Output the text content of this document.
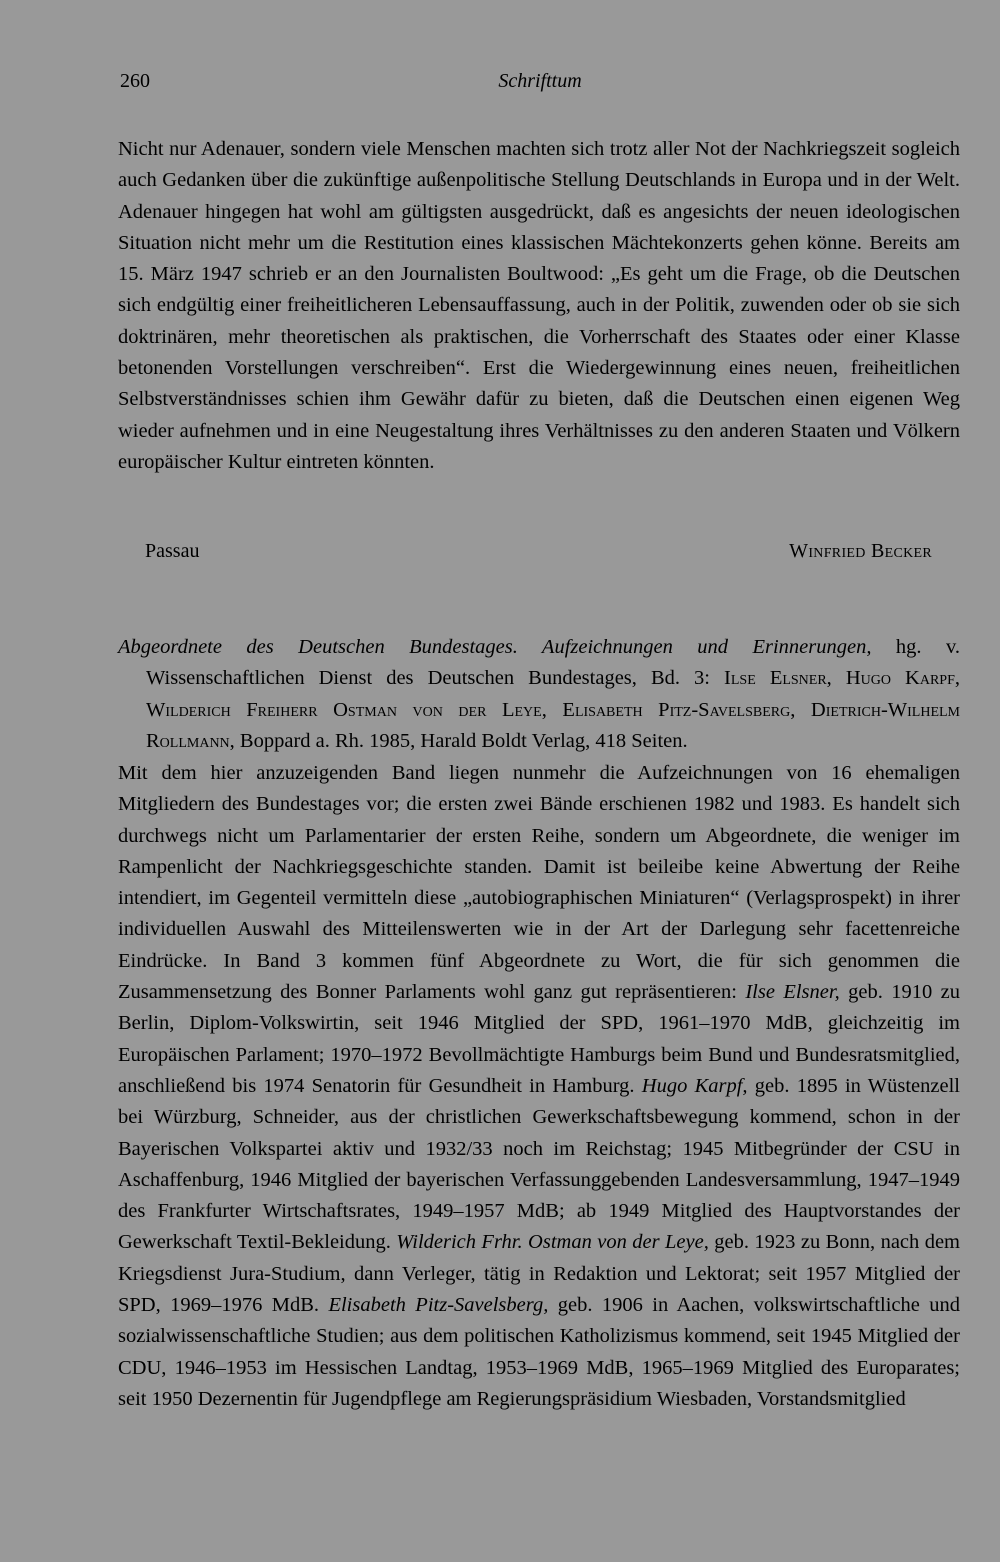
260	Schrifttum

Nicht nur Adenauer, sondern viele Menschen machten sich trotz aller Not der Nachkriegszeit sogleich auch Gedanken über die zukünftige außenpolitische Stellung Deutschlands in Europa und in der Welt. Adenauer hingegen hat wohl am gültigsten ausgedrückt, daß es angesichts der neuen ideologischen Situation nicht mehr um die Restitution eines klassischen Mächtekonzerts gehen könne. Bereits am 15. März 1947 schrieb er an den Journalisten Boultwood: „Es geht um die Frage, ob die Deutschen sich endgültig einer freiheitlicheren Lebensauffassung, auch in der Politik, zuwenden oder ob sie sich doktrinären, mehr theoretischen als praktischen, die Vorherrschaft des Staates oder einer Klasse betonenden Vorstellungen verschreiben“. Erst die Wiedergewinnung eines neuen, freiheitlichen Selbstverständnisses schien ihm Gewähr dafür zu bieten, daß die Deutschen einen eigenen Weg wieder aufnehmen und in eine Neugestaltung ihres Verhältnisses zu den anderen Staaten und Völkern europäischer Kultur eintreten könnten.

Passau	Winfried Becker

Abgeordnete des Deutschen Bundestages. Aufzeichnungen und Erinnerungen, hg. v. Wissenschaftlichen Dienst des Deutschen Bundestages, Bd. 3: Ilse Elsner, Hugo Karpf, Wilderich Freiherr Ostman von der Leye, Elisabeth Pitz-Savelsberg, Dietrich-Wilhelm Rollmann, Boppard a. Rh. 1985, Harald Boldt Verlag, 418 Seiten.

Mit dem hier anzuzeigenden Band liegen nunmehr die Aufzeichnungen von 16 ehemaligen Mitgliedern des Bundestages vor; die ersten zwei Bände erschienen 1982 und 1983. Es handelt sich durchwegs nicht um Parlamentarier der ersten Reihe, sondern um Abgeordnete, die weniger im Rampenlicht der Nachkriegsgeschichte standen. Damit ist beileibe keine Abwertung der Reihe intendiert, im Gegenteil vermitteln diese „autobiographischen Miniaturen“ (Verlagsprospekt) in ihrer individuellen Auswahl des Mitteilenswerten wie in der Art der Darlegung sehr facettenreiche Eindrücke. In Band 3 kommen fünf Abgeordnete zu Wort, die für sich genommen die Zusammensetzung des Bonner Parlaments wohl ganz gut repräsentieren: Ilse Elsner, geb. 1910 zu Berlin, Diplom-Volkswirtin, seit 1946 Mitglied der SPD, 1961–1970 MdB, gleichzeitig im Europäischen Parlament; 1970–1972 Bevollmächtigte Hamburgs beim Bund und Bundesratsmitglied, anschließend bis 1974 Senatorin für Gesundheit in Hamburg. Hugo Karpf, geb. 1895 in Wüstenzell bei Würzburg, Schneider, aus der christlichen Gewerkschaftsbewegung kommend, schon in der Bayerischen Volkspartei aktiv und 1932/33 noch im Reichstag; 1945 Mitbegründer der CSU in Aschaffenburg, 1946 Mitglied der bayerischen Verfassunggebenden Landesversammlung, 1947–1949 des Frankfurter Wirtschaftsrates, 1949–1957 MdB; ab 1949 Mitglied des Hauptvorstandes der Gewerkschaft Textil-Bekleidung. Wilderich Frhr. Ostman von der Leye, geb. 1923 zu Bonn, nach dem Kriegsdienst Jura-Studium, dann Verleger, tätig in Redaktion und Lektorat; seit 1957 Mitglied der SPD, 1969–1976 MdB. Elisabeth Pitz-Savelsberg, geb. 1906 in Aachen, volkswirtschaftliche und sozialwissenschaftliche Studien; aus dem politischen Katholizismus kommend, seit 1945 Mitglied der CDU, 1946–1953 im Hessischen Landtag, 1953–1969 MdB, 1965–1969 Mitglied des Europarates; seit 1950 Dezernentin für Jugendpflege am Regierungspräsidium Wiesbaden, Vorstandsmitglied
